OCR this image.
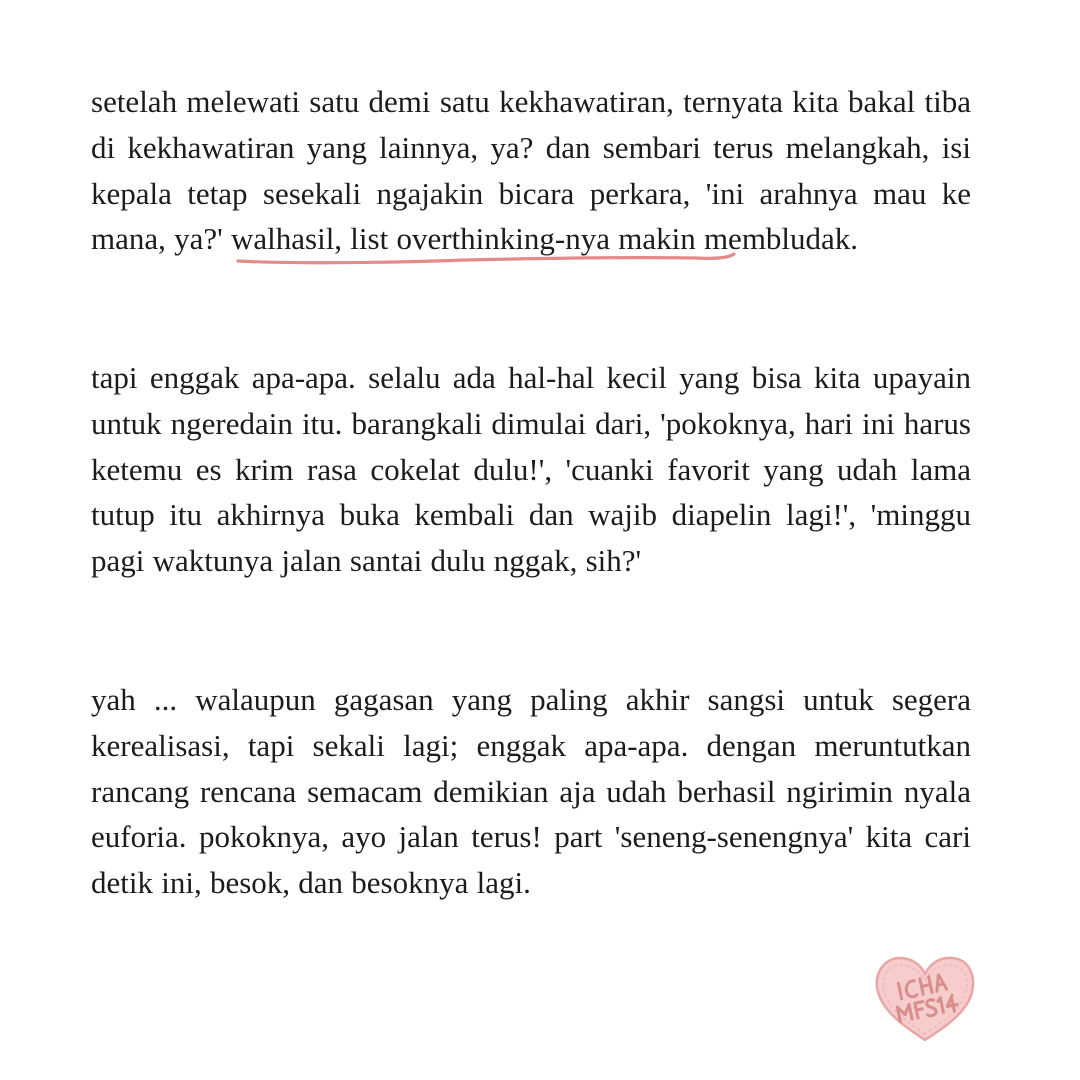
setelah melewati satu demi satu kekhawatiran, ternyata kita bakal tiba di kekhawatiran yang lainnya, ya? dan sembari terus melangkah, isi kepala tetap sesekali ngajakin bicara perkara, 'ini arahnya mau ke mana, ya?' walhasil, list overthinking-nya makin membludak.

tapi enggak apa-apa. selalu ada hal-hal kecil yang bisa kita upayain untuk ngeredain itu. barangkali dimulai dari, 'pokoknya, hari ini harus ketemu es krim rasa cokelat dulu!', 'cuanki favorit yang udah lama tutup itu akhirnya buka kembali dan wajib diapelin lagi!', 'minggu pagi waktunya jalan santai dulu nggak, sih?'

yah ... walaupun gagasan yang paling akhir sangsi untuk segera kerealisasi, tapi sekali lagi; enggak apa-apa. dengan meruntutkan rancang rencana semacam demikian aja udah berhasil ngirimin nyala euforia. pokoknya, ayo jalan terus! part 'seneng-senengnya' kita cari detik ini, besok, dan besoknya lagi.
